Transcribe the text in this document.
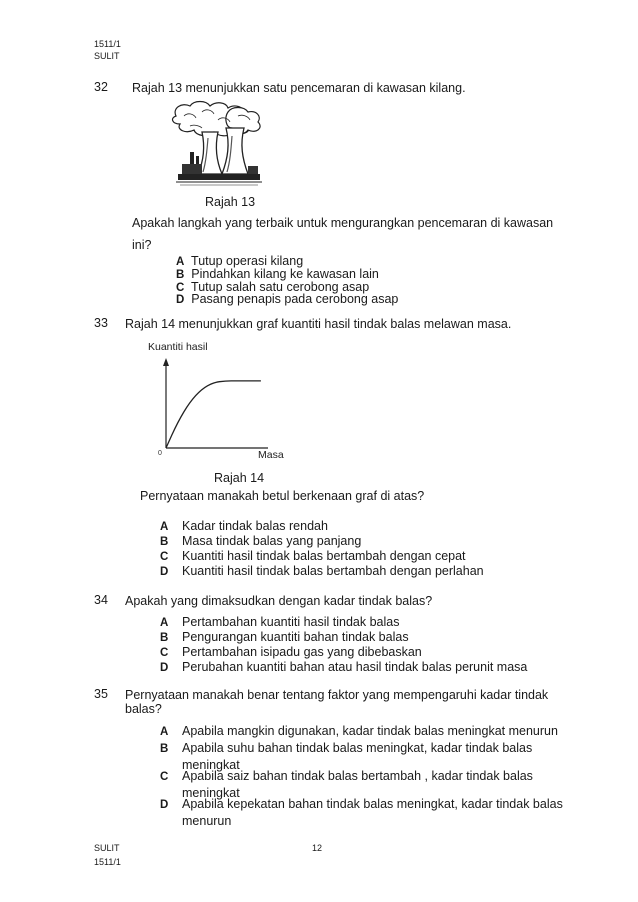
1511/1
SULIT
32 Rajah 13 menunjukkan satu pencemaran di kawasan kilang.
Rajah 13
Apakah langkah yang terbaik untuk mengurangkan pencemaran di kawasan
ini?
A Tutup operasi kilang
B Pindahkan kilang ke kawasan lain
C Tutup salah satu cerobong asap
D Pasang penapis pada cerobong asap
33 Rajah 14 menunjukkan graf kuantiti hasil tindak balas melawan masa.
Kuantiti hasil
0	Masa
Rajah 14
Pernyataan manakah betul berkenaan graf di atas?
A Kadar tindak balas rendah
B Masa tindak balas yang panjang
C Kuantiti hasil tindak balas bertambah dengan cepat
D Kuantiti hasil tindak balas bertambah dengan perlahan
34 Apakah yang dimaksudkan dengan kadar tindak balas?
A Pertambahan kuantiti hasil tindak balas
B Pengurangan kuantiti bahan tindak balas
C Pertambahan isipadu gas yang dibebaskan
D Perubahan kuantiti bahan atau hasil tindak balas perunit masa
35 Pernyataan manakah benar tentang faktor yang mempengaruhi kadar tindak
balas?
A Apabila mangkin digunakan, kadar tindak balas meningkat menurun
B Apabila suhu bahan tindak balas meningkat, kadar tindak balas
meningkat
C Apabila saiz bahan tindak balas bertambah , kadar tindak balas
meningkat
D Apabila kepekatan bahan tindak balas meningkat, kadar tindak balas
menurun
SULIT	12
1511/1
